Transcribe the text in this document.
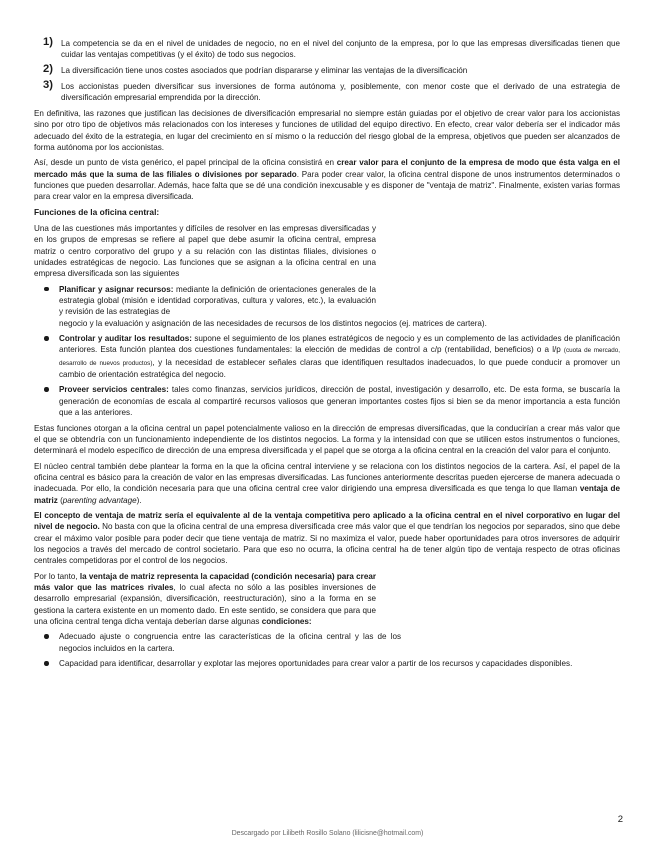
1) La competencia se da en el nivel de unidades de negocio, no en el nivel del conjunto de la empresa, por lo que las empresas diversificadas tienen que cuidar las ventajas competitivas (y el éxito) de todo sus negocios.
2) La diversificación tiene unos costes asociados que podrían dispararse y eliminar las ventajas de la diversificación
3) Los accionistas pueden diversificar sus inversiones de forma autónoma y, posiblemente, con menor coste que el derivado de una estrategia de diversificación empresarial emprendida por la dirección.

En definitiva, las razones que justifican las decisiones de diversificación empresarial no siempre están guiadas por el objetivo de crear valor para los accionistas sino por otro tipo de objetivos más relacionados con los intereses y funciones de utilidad del equipo directivo. En efecto, crear valor debería ser el indicador más adecuado del éxito de la estrategia, en lugar del crecimiento en sí mismo o la reducción del riesgo global de la empresa, objetivos que pueden ser alcanzados de forma autónoma por los accionistas.

Así, desde un punto de vista genérico, el papel principal de la oficina consistirá en crear valor para el conjunto de la empresa de modo que ésta valga en el mercado más que la suma de las filiales o divisiones por separado. Para poder crear valor, la oficina central dispone de unos instrumentos determinados o funciones que pueden desarrollar. Además, hace falta que se dé una condición inexcusable y es disponer de "ventaja de matriz". Finalmente, existen varias formas para crear valor en la empresa diversificada.

Funciones de la oficina central:

Una de las cuestiones más importantes y difíciles de resolver en las empresas diversificadas y en los grupos de empresas se refiere al papel que debe asumir la oficina central, empresa matriz o centro corporativo del grupo y a su relación con las distintas filiales, divisiones o unidades estratégicas de negocio. Las funciones que se asignan a la oficina central en una empresa diversificada son las siguientes

Planificar y asignar recursos: mediante la definición de orientaciones generales de la estrategia global (misión e identidad corporativas, cultura y valores, etc.), la evaluación y revisión de las estrategias de
negocio y la evaluación y asignación de las necesidades de recursos de los distintos negocios (ej. matrices de cartera).
Controlar y auditar los resultados: supone el seguimiento de los planes estratégicos de negocio y es un complemento de las actividades de planificación anteriores. Esta función plantea dos cuestiones fundamentales: la elección de medidas de control a c/p (rentabilidad, beneficios) o a l/p (cuota de mercado, desarrollo de nuevos productos), y la necesidad de establecer señales claras que identifiquen resultados inadecuados, lo que puede conducir a promover un cambio de orientación estratégica del negocio.
Proveer servicios centrales: tales como finanzas, servicios jurídicos, dirección de postal, investigación y desarrollo, etc. De esta forma, se buscaría la generación de economías de escala al compartiré recursos valiosos que generan importantes costes fijos si bien se da menor importancia a esta función que a las anteriores.

Estas funciones otorgan a la oficina central un papel potencialmente valioso en la dirección de empresas diversificadas, que la conducirían a crear más valor que el que se obtendría con un funcionamiento independiente de los distintos negocios. La forma y la intensidad con que se utilicen estos instrumentos o funciones, determinará el modelo específico de dirección de una empresa diversificada y el papel que se otorga a la oficina central en la creación del valor para el conjunto.

El núcleo central también debe plantear la forma en la que la oficina central interviene y se relaciona con los distintos negocios de la cartera. Así, el papel de la oficina central es básico para la creación de valor en las empresas diversificadas. Las funciones anteriormente descritas pueden ejercerse de manera adecuada o inadecuada. Por ello, la condición necesaria para que una oficina central cree valor dirigiendo una empresa diversificada es que tenga lo que llaman ventaja de matriz (parenting advantage).

El concepto de ventaja de matriz sería el equivalente al de la ventaja competitiva pero aplicado a la oficina central en el nivel corporativo en lugar del nivel de negocio. No basta con que la oficina central de una empresa diversificada cree más valor que el que tendrían los negocios por separados, sino que debe crear el máximo valor posible para poder decir que tiene ventaja de matriz. Si no maximiza el valor, puede haber oportunidades para otros inversores de adquirir los negocios a través del mercado de control societario. Para que eso no ocurra, la oficina central ha de tener algún tipo de ventaja respecto de otras oficinas centrales competidoras por el control de los negocios.

Por lo tanto, la ventaja de matriz representa la capacidad (condición necesaria) para crear más valor que las matrices rivales, lo cual afecta no sólo a las posibles inversiones de desarrollo empresarial (expansión, diversificación, reestructuración), sino a la forma en se gestiona la cartera existente en un momento dado. En este sentido, se considera que para que una oficina central tenga dicha ventaja deberían darse algunas condiciones:

Adecuado ajuste o congruencia entre las características de la oficina central y las de los negocios incluidos en la cartera.
Capacidad para identificar, desarrollar y explotar las mejores oportunidades para crear valor a partir de los recursos y capacidades disponibles.
2
Descargado por Lilibeth Rosillo Solano (lilicisne@hotmail.com)
